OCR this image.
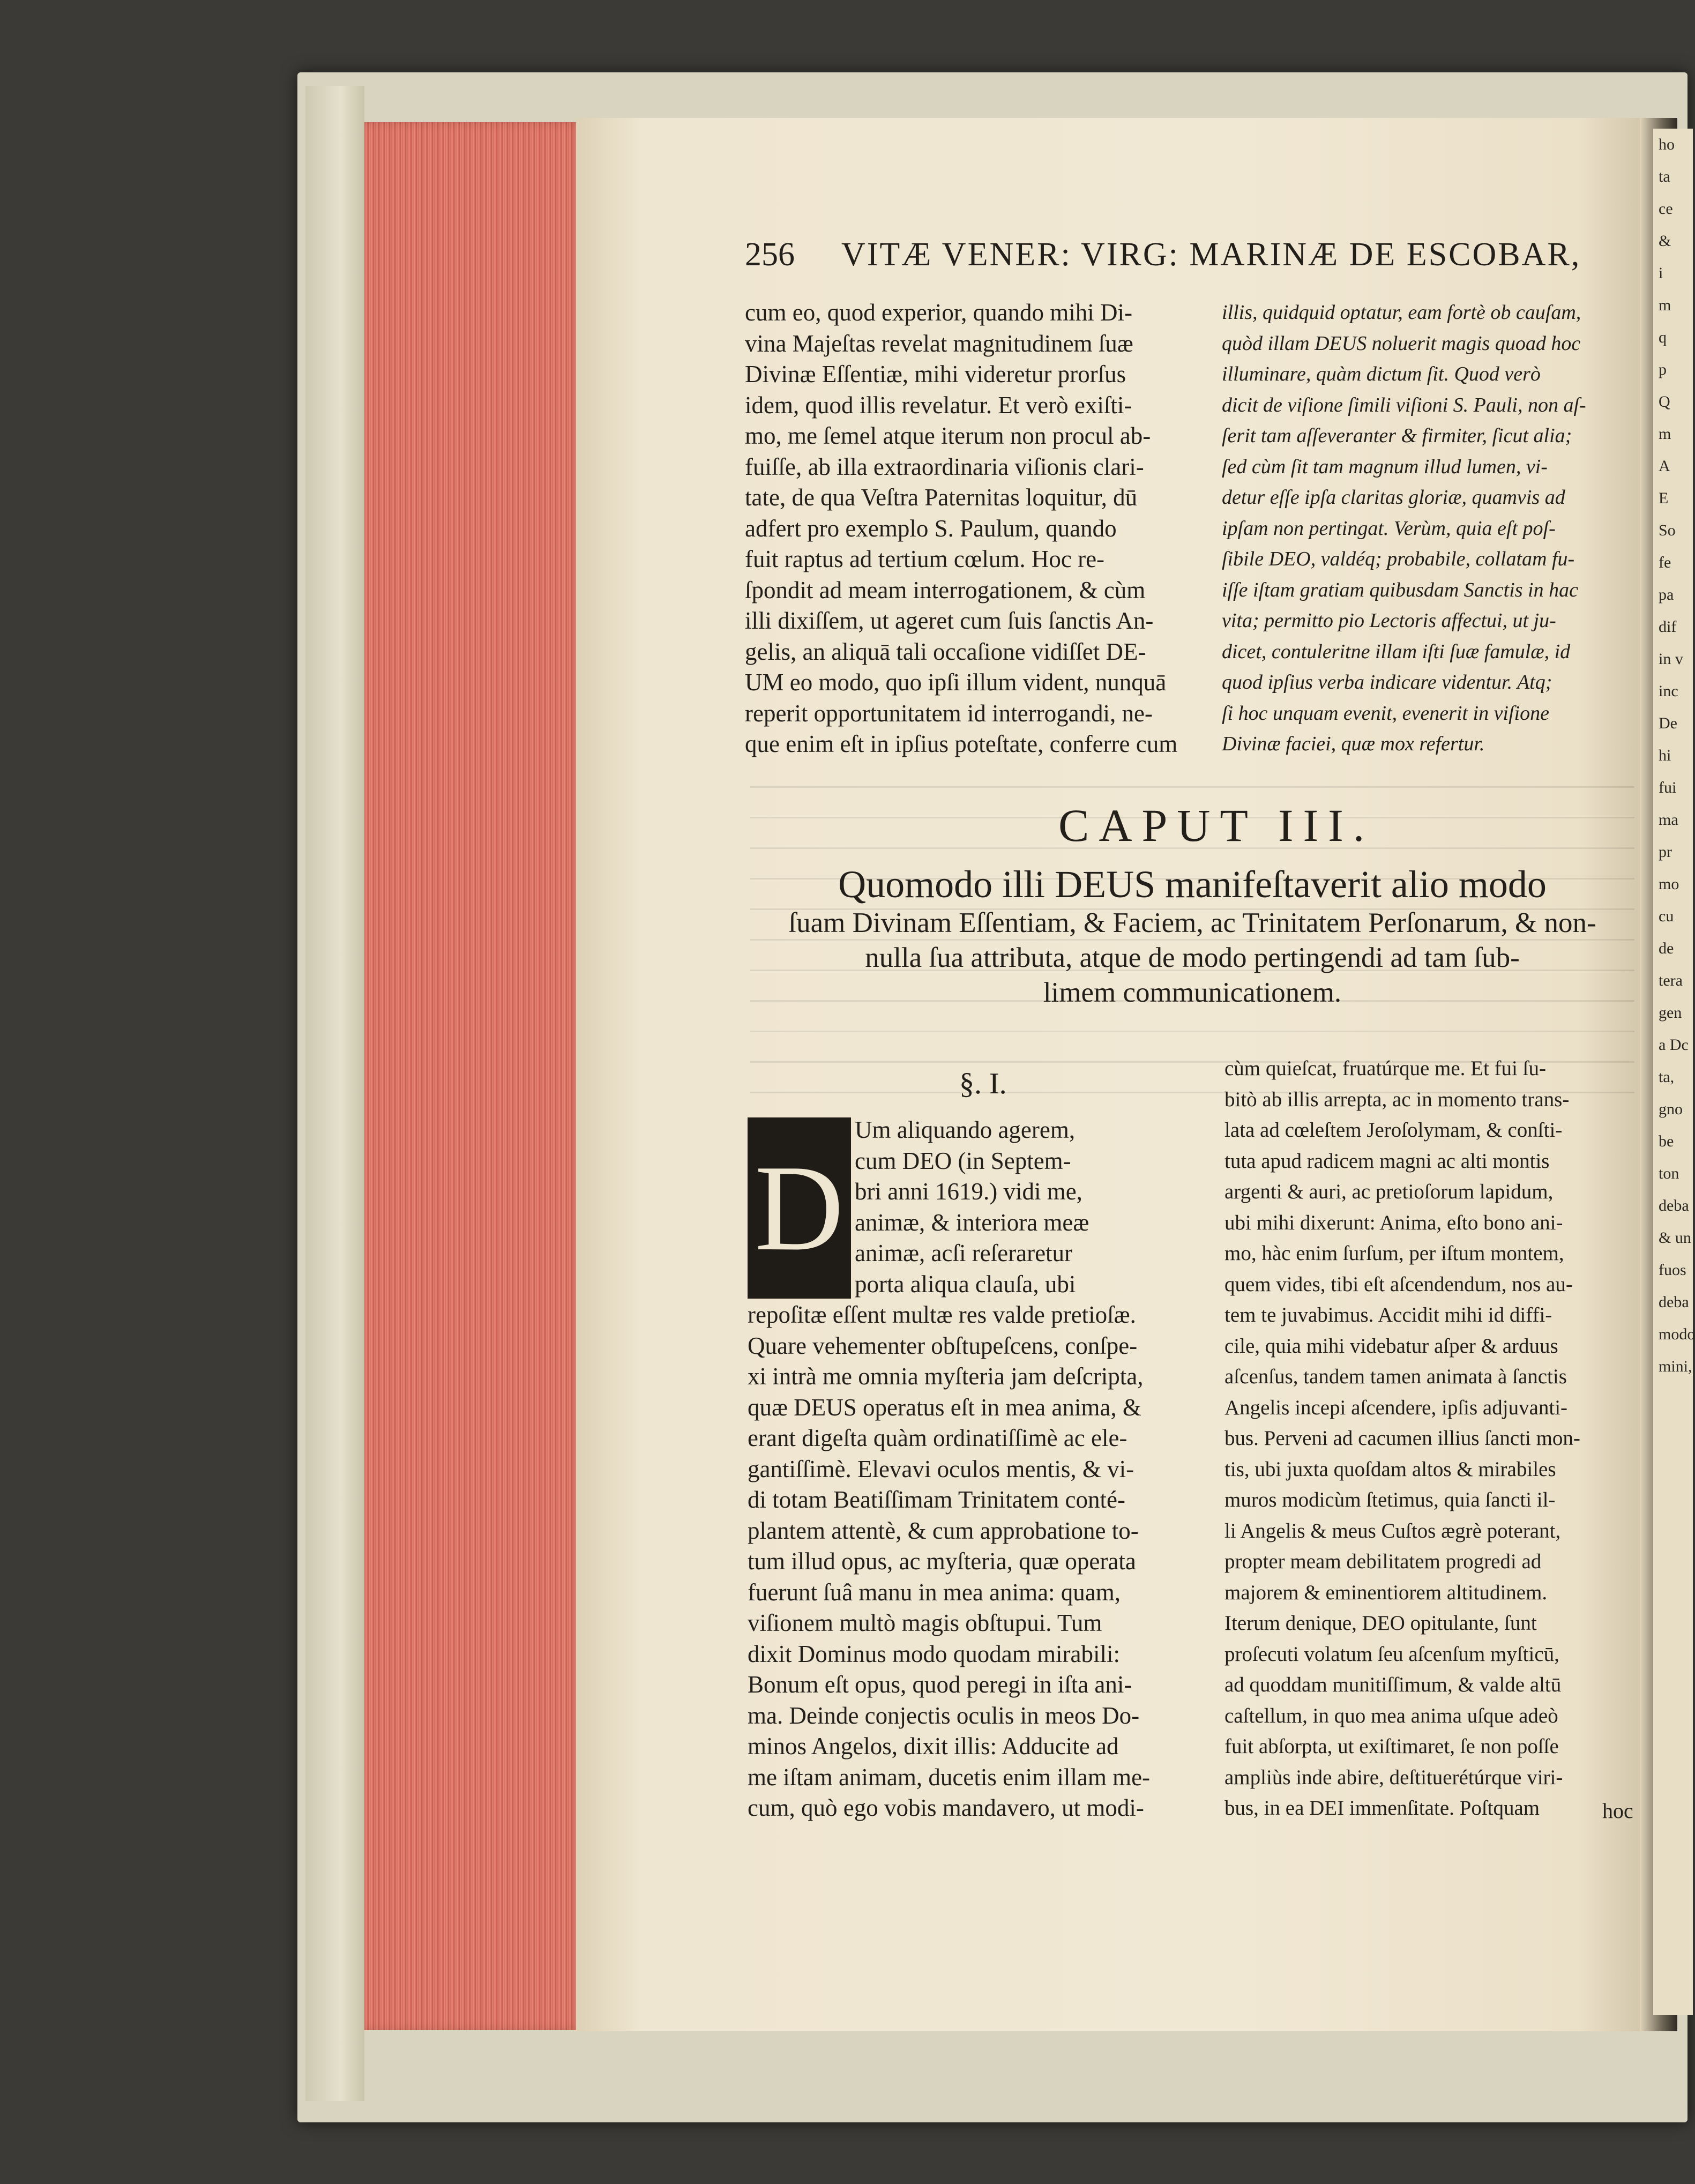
ho
ta
ce
&
i
m
q
p
Q
m
A
E
So
fe
pa
dif
in v
inc
De
hi
fui
ma
pr
mo
cu
de
tera
gen
a Dc
ta,
gno
be
ton
deba
& un
fuos
deba
modo
mini,
256 VITÆ VENER: VIRG: MARINÆ DE ESCOBAR,
cum eo, quod experior, quando mihi Di-
vina Majeſtas revelat magnitudinem ſuæ
Divinæ Eſſentiæ, mihi videretur prorſus
idem, quod illis revelatur. Et verò exiſti-
mo, me ſemel atque iterum non procul ab-
fuiſſe, ab illa extraordinaria viſionis clari-
tate, de qua Veſtra Paternitas loquitur, dū
adfert pro exemplo S. Paulum, quando
fuit raptus ad tertium cœlum. Hoc re-
ſpondit ad meam interrogationem, & cùm
illi dixiſſem, ut ageret cum ſuis ſanctis An-
gelis, an aliquā tali occaſione vidiſſet DE-
UM eo modo, quo ipſi illum vident, nunquā
reperit opportunitatem id interrogandi, ne-
que enim eſt in ipſius poteſtate, conferre cum
illis, quidquid optatur, eam fortè ob cauſam,
quòd illam DEUS noluerit magis quoad hoc
illuminare, quàm dictum ſit. Quod verò
dicit de viſione ſimili viſioni S. Pauli, non aſ-
ſerit tam aſſeveranter & firmiter, ſicut alia;
ſed cùm ſit tam magnum illud lumen, vi-
detur eſſe ipſa claritas gloriæ, quamvis ad
ipſam non pertingat. Verùm, quia eſt poſ-
ſibile DEO, valdéq; probabile, collatam fu-
iſſe iſtam gratiam quibusdam Sanctis in hac
vita; permitto pio Lectoris affectui, ut ju-
dicet, contuleritne illam iſti ſuæ famulæ, id
quod ipſius verba indicare videntur. Atq;
ſi hoc unquam evenit, evenerit in viſione
Divinæ faciei, quæ mox refertur.
CAPUT III.
Quomodo illi DEUS manifeſtaverit alio modo
ſuam Divinam Eſſentiam, & Faciem, ac Trinitatem Perſonarum, & non-
nulla ſua attributa, atque de modo pertingendi ad tam ſub-
limem communicationem.
§. I.
D
Um aliquando agerem,
cum DEO (in Septem-
bri anni 1619.) vidi me,
animæ, & interiora meæ
animæ, acſi reſeraretur
porta aliqua clauſa, ubi
repoſitæ eſſent multæ res valde pretioſæ.
Quare vehementer obſtupeſcens, conſpe-
xi intrà me omnia myſteria jam deſcripta,
quæ DEUS operatus eſt in mea anima, &
erant digeſta quàm ordinatiſſimè ac ele-
gantiſſimè. Elevavi oculos mentis, & vi-
di totam Beatiſſimam Trinitatem conté-
plantem attentè, & cum approbatione to-
tum illud opus, ac myſteria, quæ operata
fuerunt ſuâ manu in mea anima: quam,
viſionem multò magis obſtupui. Tum
dixit Dominus modo quodam mirabili:
Bonum eſt opus, quod peregi in iſta ani-
ma. Deinde conjectis oculis in meos Do-
minos Angelos, dixit illis: Adducite ad
me iſtam animam, ducetis enim illam me-
cum, quò ego vobis mandavero, ut modi-
cùm quieſcat, fruatúrque me. Et fui ſu-
bitò ab illis arrepta, ac in momento trans-
lata ad cœleſtem Jeroſolymam, & conſti-
tuta apud radicem magni ac alti montis
argenti & auri, ac pretioſorum lapidum,
ubi mihi dixerunt: Anima, eſto bono ani-
mo, hàc enim ſurſum, per iſtum montem,
quem vides, tibi eſt aſcendendum, nos au-
tem te juvabimus. Accidit mihi id diffi-
cile, quia mihi videbatur aſper & arduus
aſcenſus, tandem tamen animata à ſanctis
Angelis incepi aſcendere, ipſis adjuvanti-
bus. Perveni ad cacumen illius ſancti mon-
tis, ubi juxta quoſdam altos & mirabiles
muros modicùm ſtetimus, quia ſancti il-
li Angelis & meus Cuſtos ægrè poterant,
propter meam debilitatem progredi ad
majorem & eminentiorem altitudinem.
Iterum denique, DEO opitulante, ſunt
proſecuti volatum ſeu aſcenſum myſticū,
ad quoddam munitiſſimum, & valde altū
caſtellum, in quo mea anima uſque adeò
fuit abſorpta, ut exiſtimaret, ſe non poſſe
ampliùs inde abire, deſtituerétúrque viri-
bus, in ea DEI immenſitate. Poſtquam	hoc
